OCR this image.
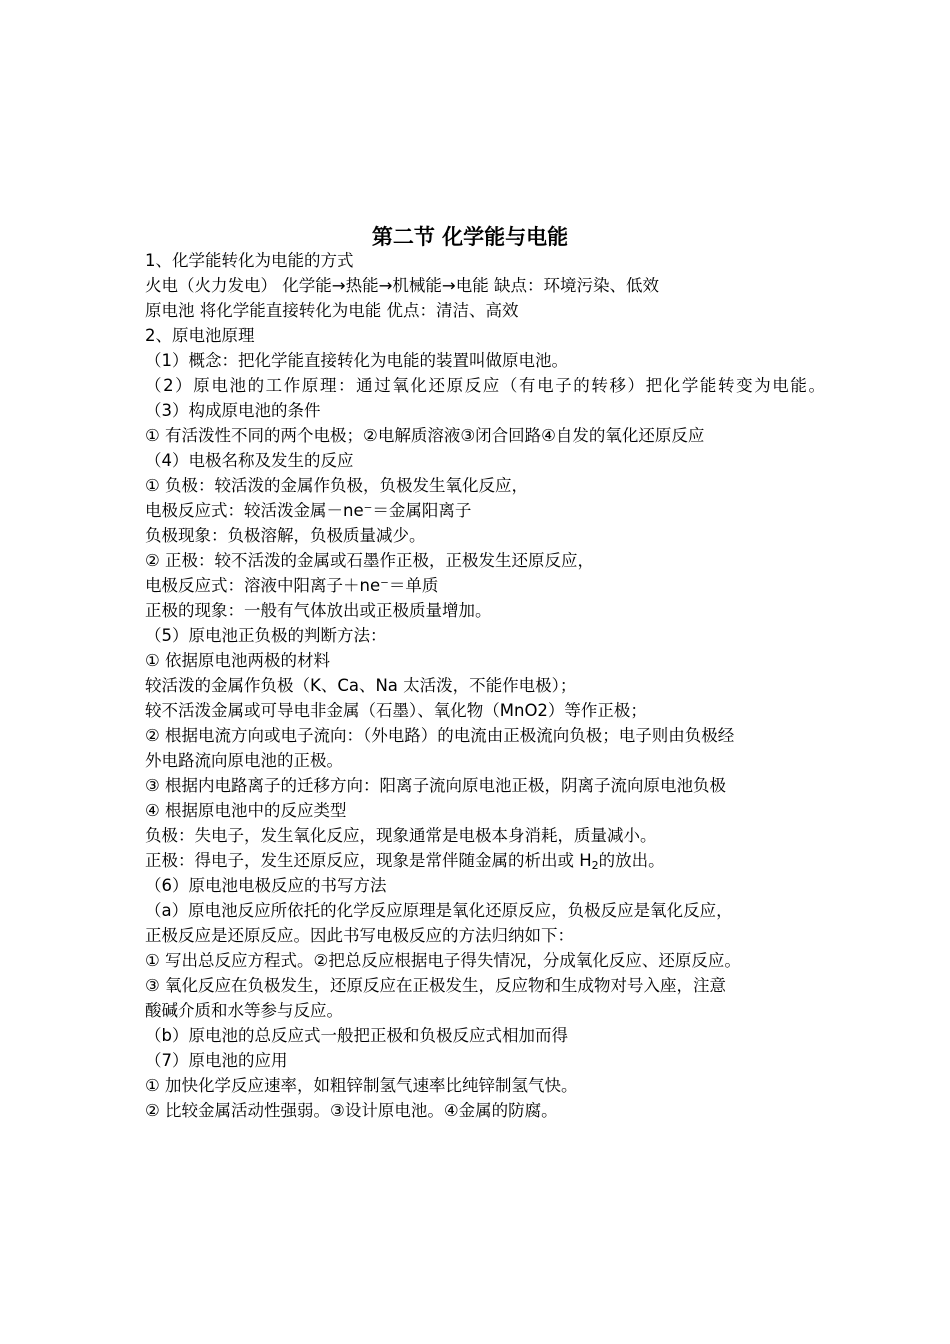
第二节 化学能与电能
1、化学能转化为电能的方式
火电（火力发电） 化学能→热能→机械能→电能 缺点：环境污染、低效
原电池 将化学能直接转化为电能 优点：清洁、高效
2、原电池原理
（1）概念：把化学能直接转化为电能的装置叫做原电池。
（2）原电池的工作原理：通过氧化还原反应（有电子的转移）把化学能转变为电能。
（3）构成原电池的条件
① 有活泼性不同的两个电极；②电解质溶液③闭合回路④自发的氧化还原反应
（4）电极名称及发生的反应
① 负极：较活泼的金属作负极，负极发生氧化反应，
电极反应式：较活泼金属－ne⁻＝金属阳离子
负极现象：负极溶解，负极质量减少。
② 正极：较不活泼的金属或石墨作正极，正极发生还原反应，
电极反应式：溶液中阳离子＋ne⁻＝单质
正极的现象：一般有气体放出或正极质量增加。
（5）原电池正负极的判断方法：
① 依据原电池两极的材料
较活泼的金属作负极（K、Ca、Na 太活泼，不能作电极）；
较不活泼金属或可导电非金属（石墨）、氧化物（MnO2）等作正极；
② 根据电流方向或电子流向：（外电路）的电流由正极流向负极；电子则由负极经
外电路流向原电池的正极。
③ 根据内电路离子的迁移方向：阳离子流向原电池正极，阴离子流向原电池负极
④ 根据原电池中的反应类型
负极：失电子，发生氧化反应，现象通常是电极本身消耗，质量减小。
正极：得电子，发生还原反应，现象是常伴随金属的析出或 $H_2$的放出。
（6）原电池电极反应的书写方法
（a）原电池反应所依托的化学反应原理是氧化还原反应，负极反应是氧化反应，
正极反应是还原反应。因此书写电极反应的方法归纳如下：
① 写出总反应方程式。②把总反应根据电子得失情况，分成氧化反应、还原反应。
③ 氧化反应在负极发生，还原反应在正极发生，反应物和生成物对号入座，注意
酸碱介质和水等参与反应。
（b）原电池的总反应式一般把正极和负极反应式相加而得
（7）原电池的应用
① 加快化学反应速率，如粗锌制氢气速率比纯锌制氢气快。
② 比较金属活动性强弱。③设计原电池。④金属的防腐。
